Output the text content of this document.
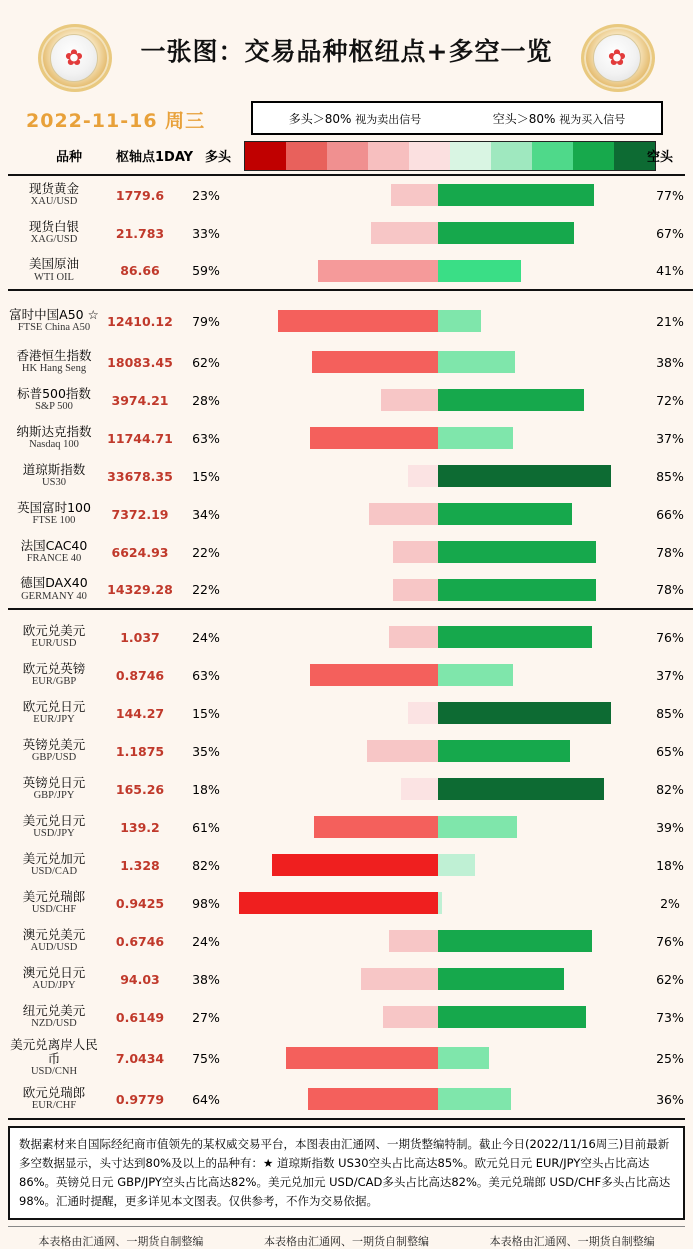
✿	一张图：交易品种枢纽点+多空一览	✿
2022-11-16 周三	多头＞80% 视为卖出信号	空头＞80% 视为买入信号
品种	枢轴点1DAY 多头	空头
现货黄金
XAU/USD	1779.6	23%		77%

现货白银
XAG/USD	21.783	33%		67%

美国原油
WTI OIL	86.66	59%		41%

富时中国A50 ☆
FTSE China A50	12410.12	79%		21%

香港恒生指数
HK Hang Seng	18083.45	62%		38%

标普500指数
S&P 500	3974.21	28%		72%

纳斯达克指数
Nasdaq 100	11744.71	63%		37%

道琼斯指数
US30	33678.35	15%		85%

英国富时100
FTSE 100	7372.19	34%		66%

法国CAC40
FRANCE 40	6624.93	22%		78%

德国DAX40
GERMANY 40	14329.28	22%		78%

欧元兑美元
EUR/USD	1.037	24%		76%

欧元兑英镑
EUR/GBP	0.8746	63%		37%

欧元兑日元
EUR/JPY	144.27	15%		85%

英镑兑美元
GBP/USD	1.1875	35%		65%

英镑兑日元
GBP/JPY	165.26	18%		82%

美元兑日元
USD/JPY	139.2	61%		39%

美元兑加元
USD/CAD	1.328	82%		18%

美元兑瑞郎
USD/CHF	0.9425	98%		2%

澳元兑美元
AUD/USD	0.6746	24%		76%

澳元兑日元
AUD/JPY	94.03	38%		62%

纽元兑美元
NZD/USD	0.6149	27%		73%

美元兑离岸人民币
USD/CNH	7.0434	75%		25%

欧元兑瑞郎
EUR/CHF	0.9779	64%		36%
数据素材来自国际经纪商市值领先的某权威交易平台，本图表由汇通网、一期货整编特制。截止今日(2022/11/16周三)目前最新多空数据显示，头寸达到80%及以上的品种有：★ 道琼斯指数 US30空头占比高达85%。欧元兑日元 EUR/JPY空头占比高达86%。英镑兑日元 GBP/JPY空头占比高达82%。美元兑加元 USD/CAD多头占比高达82%。美元兑瑞郎 USD/CHF多头占比高达98%。汇通时提醒，更多详见本文图表。仅供参考，不作为交易依据。
本表格由汇通网、一期货自制整编	本表格由汇通网、一期货自制整编	本表格由汇通网、一期货自制整编
